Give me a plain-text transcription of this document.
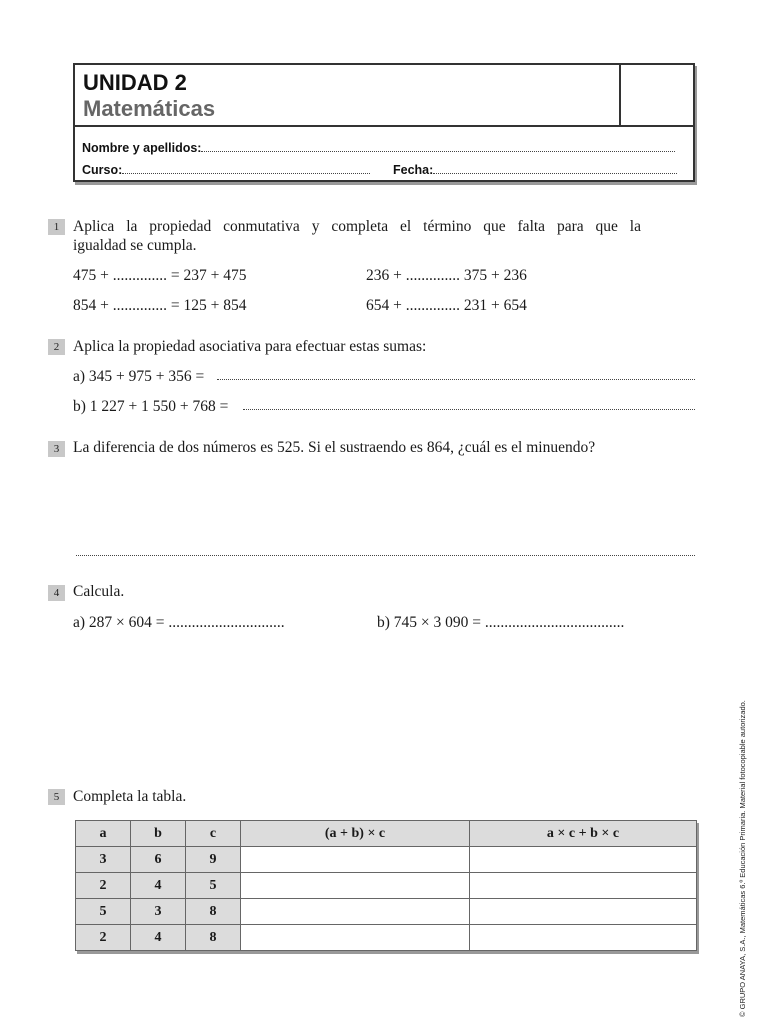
UNIDAD 2
Matemáticas
Nombre y apellidos:
Curso:	Fecha:
1 Aplica la propiedad conmutativa y completa el término que falta para que la
igualdad se cumpla.
475 + .............. = 237 + 475	236 + .............. 375 + 236
854 + .............. = 125 + 854	654 + .............. 231 + 654
2 Aplica la propiedad asociativa para efectuar estas sumas:
a) 345 + 975 + 356 =
b) 1 227 + 1 550 + 768 =
3 La diferencia de dos números es 525. Si el sustraendo es 864, ¿cuál es el minuendo?
4 Calcula.
a) 287 × 604 = ..............................	b) 745 × 3 090 = ....................................
5 Completa la tabla.
a	b	c	(a + b) × c	a × c + b × c
3	6	9		
2	4	5		
5	3	8		
2	4	8			© GRUPO ANAYA, S.A., Matemáticas 6.º Educación Primaria. Material fotocopiable autorizado.
